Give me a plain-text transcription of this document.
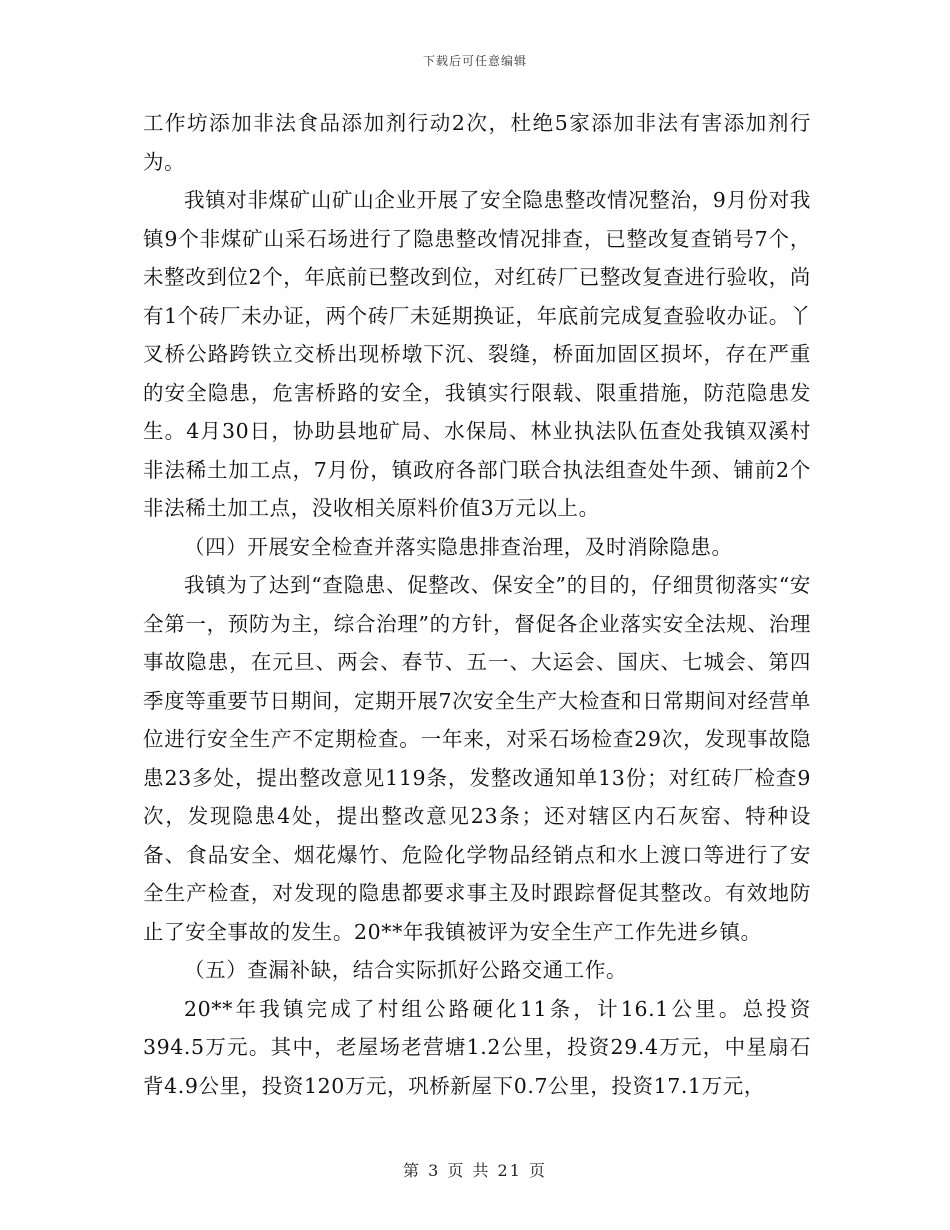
下载后可任意编辑

工作坊添加非法食品添加剂行动2次，杜绝5家添加非法有害添加剂行为。

我镇对非煤矿山矿山企业开展了安全隐患整改情况整治，9月份对我镇9个非煤矿山采石场进行了隐患整改情况排查，已整改复查销号7个，未整改到位2个，年底前已整改到位，对红砖厂已整改复查进行验收，尚有1个砖厂未办证，两个砖厂未延期换证，年底前完成复查验收办证。丫叉桥公路跨铁立交桥出现桥墩下沉、裂缝，桥面加固区损坏，存在严重的安全隐患，危害桥路的安全，我镇实行限载、限重措施，防范隐患发生。4月30日，协助县地矿局、水保局、林业执法队伍查处我镇双溪村非法稀土加工点，7月份，镇政府各部门联合执法组查处牛颈、铺前2个非法稀土加工点，没收相关原料价值3万元以上。

（四）开展安全检查并落实隐患排查治理，及时消除隐患。

我镇为了达到“查隐患、促整改、保安全”的目的，仔细贯彻落实“安全第一，预防为主，综合治理”的方针，督促各企业落实安全法规、治理事故隐患，在元旦、两会、春节、五一、大运会、国庆、七城会、第四季度等重要节日期间，定期开展7次安全生产大检查和日常期间对经营单位进行安全生产不定期检查。一年来，对采石场检查29次，发现事故隐患23多处，提出整改意见119条，发整改通知单13份；对红砖厂检查9次，发现隐患4处，提出整改意见23条；还对辖区内石灰窑、特种设备、食品安全、烟花爆竹、危险化学物品经销点和水上渡口等进行了安全生产检查，对发现的隐患都要求事主及时跟踪督促其整改。有效地防止了安全事故的发生。20**年我镇被评为安全生产工作先进乡镇。

（五）查漏补缺，结合实际抓好公路交通工作。

20**年我镇完成了村组公路硬化11条，计16.1公里。总投资394.5万元。其中，老屋场老营塘1.2公里，投资29.4万元，中星扇石背4.9公里，投资120万元，巩桥新屋下0.7公里，投资17.1万元，

第 3 页 共 21 页
